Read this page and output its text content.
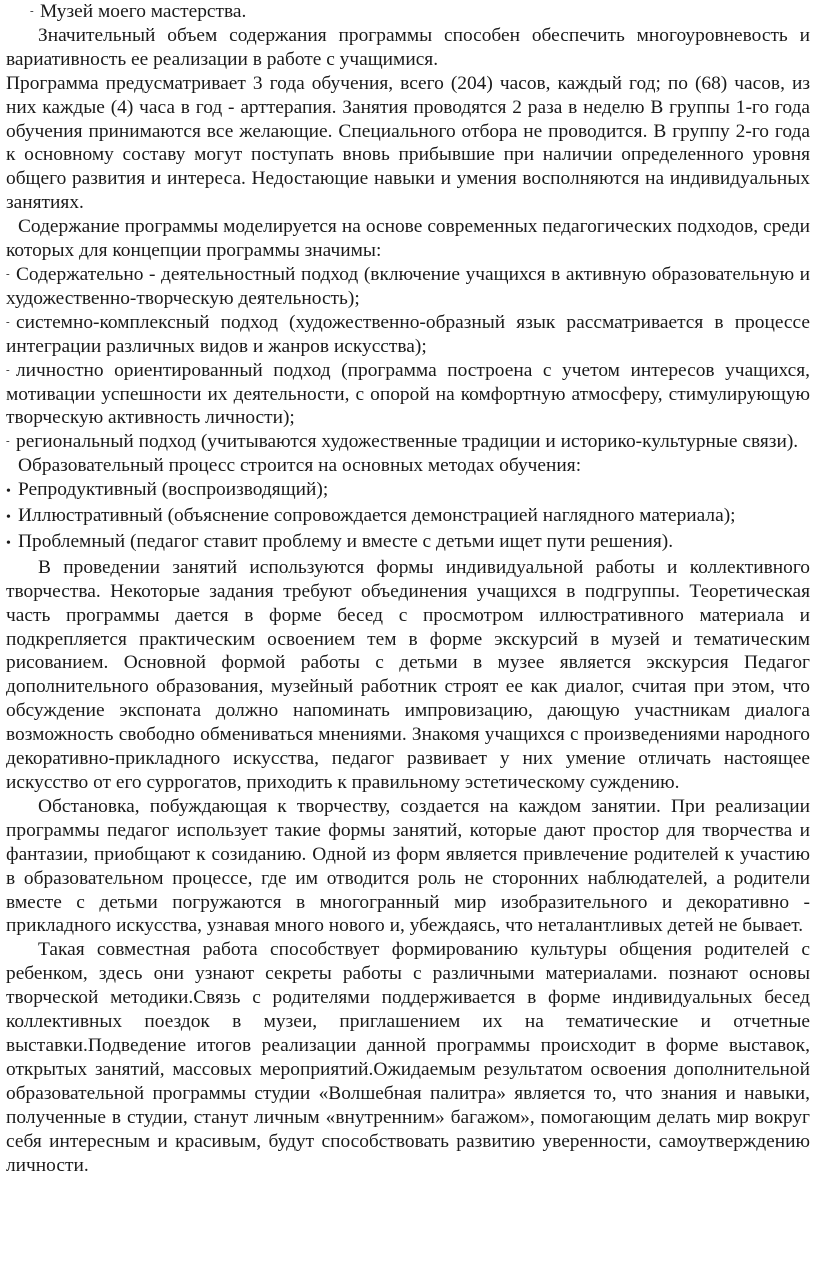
- Музей моего мастерства.

Значительный объем содержания программы способен обеспечить многоуровневость и вариативность ее реализации в работе с учащимися.

Программа предусматривает 3 года обучения, всего (204) часов, каждый год; по (68) часов, из них каждые (4) часа в год - арттерапия. Занятия проводятся 2 раза в неделю В группы 1-го года обучения принимаются все желающие. Специального отбора не проводится. В группу 2-го года к основному составу могут поступать вновь прибывшие при наличии определенного уровня общего развития и интереса. Недостающие навыки и умения восполняются на индивидуальных занятиях.

Содержание программы моделируется на основе современных педагогических подходов, среди которых для концепции программы значимы:

- Содержательно - деятельностный подход (включение учащихся в активную образовательную и художественно-творческую деятельность);

- системно-комплексный подход (художественно-образный язык рассматривается в процессе интеграции различных видов и жанров искусства);

- личностно ориентированный подход (программа построена с учетом интересов учащихся, мотивации успешности их деятельности, с опорой на комфортную атмосферу, стимулирующую творческую активность личности);

- региональный подход (учитываются художественные традиции и историко-культурные связи).

Образовательный процесс строится на основных методах обучения:

• Репродуктивный (воспроизводящий);

• Иллюстративный (объяснение сопровождается демонстрацией наглядного материала);

• Проблемный (педагог ставит проблему и вместе с детьми ищет пути решения).

В проведении занятий используются формы индивидуальной работы и коллективного творчества. Некоторые задания требуют объединения учащихся в подгруппы. Теоретическая часть программы дается в форме бесед с просмотром иллюстративного материала и подкрепляется практическим освоением тем в форме экскурсий в музей и тематическим рисованием. Основной формой работы с детьми в музее является экскурсия Педагог дополнительного образования, музейный работник строят ее как диалог, считая при этом, что обсуждение экспоната должно напоминать импровизацию, дающую участникам диалога возможность свободно обмениваться мнениями. Знакомя учащихся с произведениями народного декоративно-прикладного искусства, педагог развивает у них умение отличать настоящее искусство от его суррогатов, приходить к правильному эстетическому суждению.

Обстановка, побуждающая к творчеству, создается на каждом занятии. При реализации программы педагог использует такие формы занятий, которые дают простор для творчества и фантазии, приобщают к созиданию. Одной из форм является привлечение родителей к участию в образовательном процессе, где им отводится роль не сторонних наблюдателей, а родители вместе с детьми погружаются в многогранный мир изобразительного и декоративно - прикладного искусства, узнавая много нового и, убеждаясь, что неталантливых детей не бывает.

Такая совместная работа способствует формированию культуры общения родителей с ребенком, здесь они узнают секреты работы с различными материалами. познают основы творческой методики.Связь с родителями поддерживается в форме индивидуальных бесед коллективных поездок в музеи, приглашением их на тематические и отчетные выставки.Подведение итогов реализации данной программы происходит в форме выставок, открытых занятий, массовых мероприятий.Ожидаемым результатом освоения дополнительной образовательной программы студии «Волшебная палитра» является то, что знания и навыки, полученные в студии, станут личным «внутренним» багажом», помогающим делать мир вокруг себя интересным и красивым, будут способствовать развитию уверенности, самоутверждению личности.
